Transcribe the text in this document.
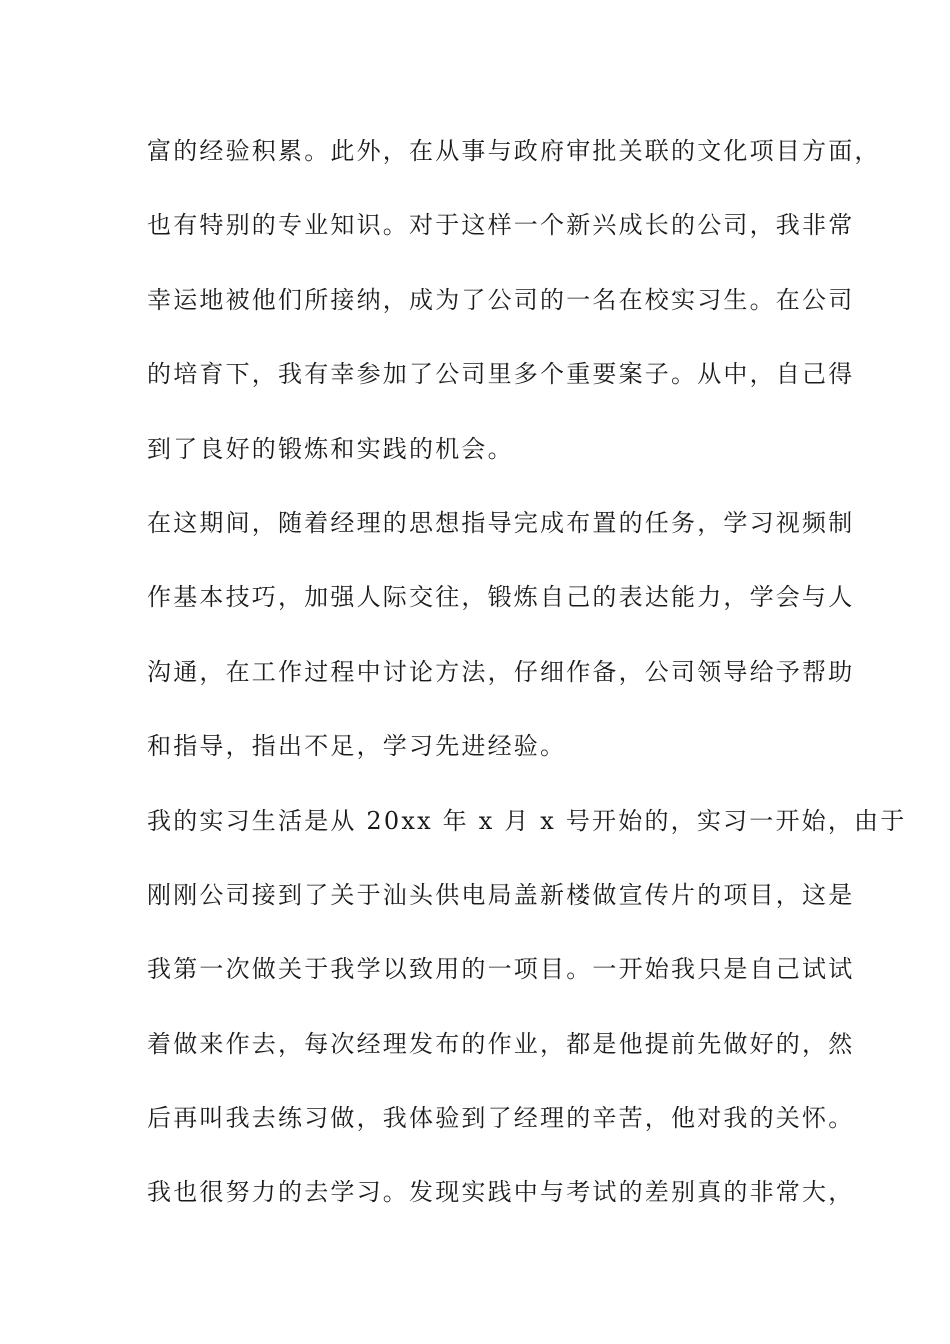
富的经验积累。此外，在从事与政府审批关联的文化项目方面，
也有特别的专业知识。对于这样一个新兴成长的公司，我非常
幸运地被他们所接纳，成为了公司的一名在校实习生。在公司
的培育下，我有幸参加了公司里多个重要案子。从中，自己得
到了良好的锻炼和实践的机会。
在这期间，随着经理的思想指导完成布置的任务，学习视频制
作基本技巧，加强人际交往，锻炼自己的表达能力，学会与人
沟通，在工作过程中讨论方法，仔细作备，公司领导给予帮助
和指导，指出不足，学习先进经验。
我的实习生活是从 20xx 年 x 月 x 号开始的，实习一开始，由于
刚刚公司接到了关于汕头供电局盖新楼做宣传片的项目，这是
我第一次做关于我学以致用的一项目。一开始我只是自己试试
着做来作去，每次经理发布的作业，都是他提前先做好的，然
后再叫我去练习做，我体验到了经理的辛苦，他对我的关怀。
我也很努力的去学习。发现实践中与考试的差别真的非常大，
